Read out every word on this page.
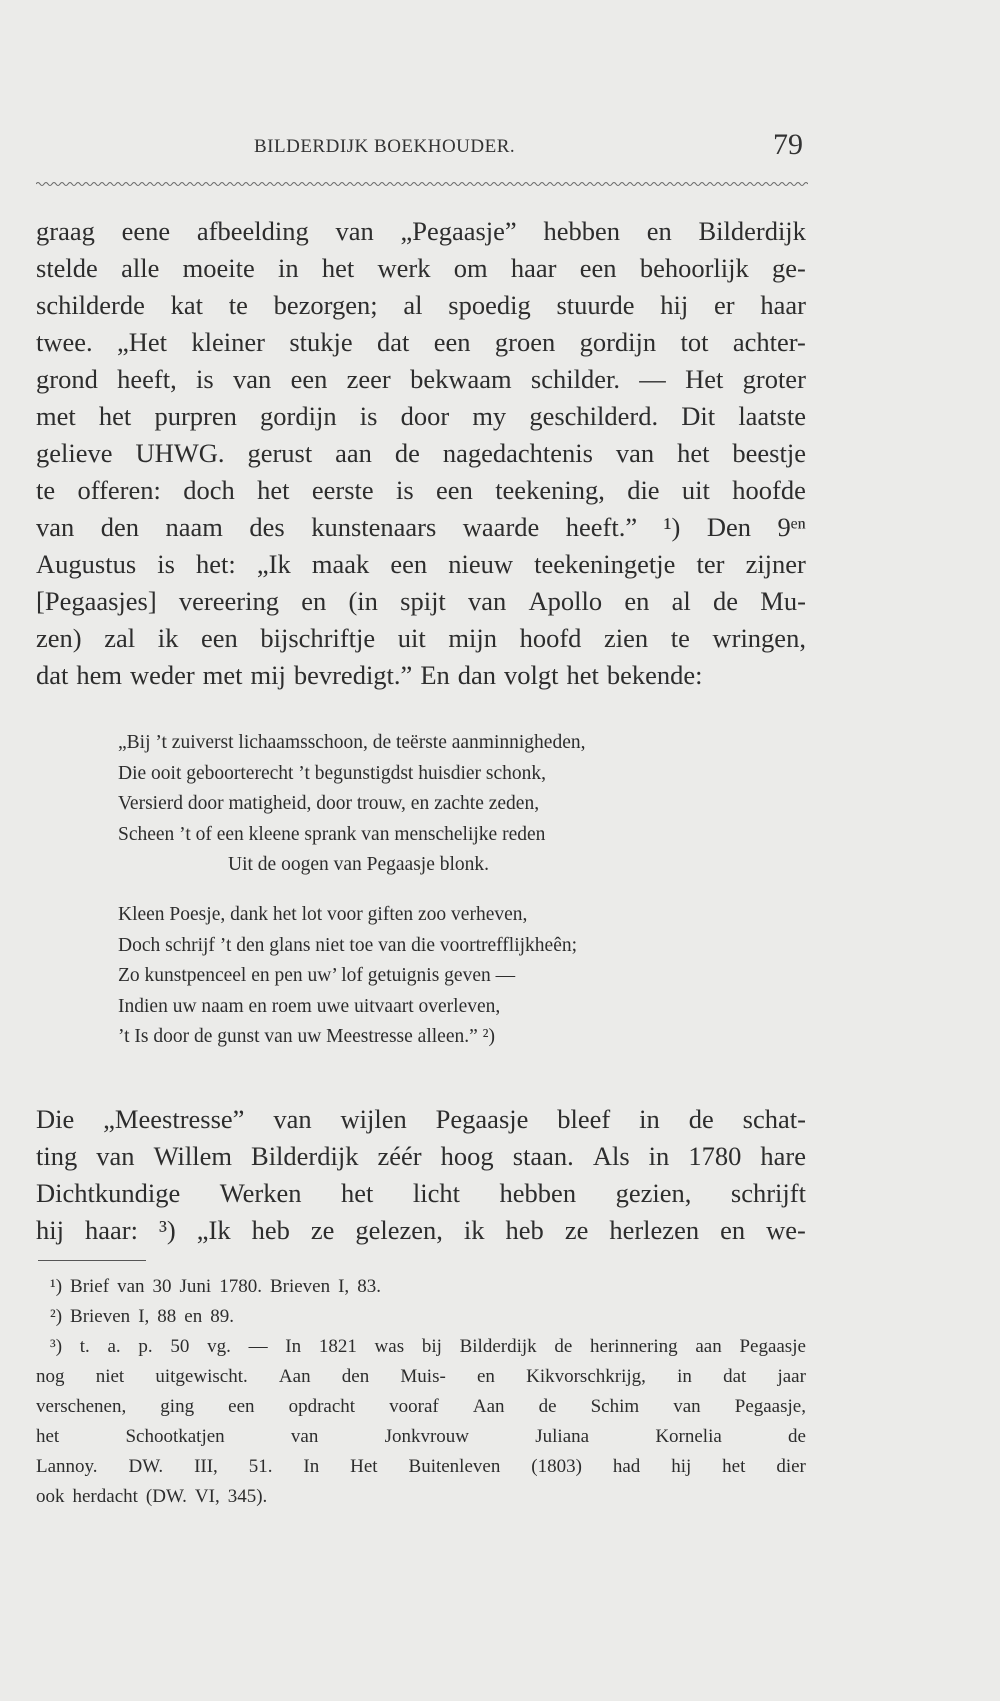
BILDERDIJK BOEKHOUDER.	79
graag eene afbeelding van „Pegaasje” hebben en Bilderdijk
stelde alle moeite in het werk om haar een behoorlijk ge-
schilderde kat te bezorgen; al spoedig stuurde hij er haar
twee. „Het kleiner stukje dat een groen gordijn tot achter-
grond heeft, is van een zeer bekwaam schilder. — Het groter
met het purpren gordijn is door my geschilderd. Dit laatste
gelieve UHWG. gerust aan de nagedachtenis van het beestje
te offeren: doch het eerste is een teekening, die uit hoofde
van den naam des kunstenaars waarde heeft.” ¹) Den 9ᵉⁿ
Augustus is het: „Ik maak een nieuw teekeningetje ter zijner
[Pegaasjes] vereering en (in spijt van Apollo en al de Mu-
zen) zal ik een bijschriftje uit mijn hoofd zien te wringen,
dat hem weder met mij bevredigt.” En dan volgt het bekende:
¹) Brief van 30 Juni 1780. Brieven I, 83.
²) Brieven I, 88 en 89.
³) t. a. p. 50 vg. — In 1821 was bij Bilderdijk de herinnering aan Pegaasje
nog niet uitgewischt. Aan den Muis- en Kikvorschkrijg, in dat jaar
verschenen, ging een opdracht vooraf Aan de Schim van Pegaasje,
het	Schootkatjen	van	Jonkvrouw	Juliana	Kornelia	de
Lannoy. DW. III, 51. In Het Buitenleven (1803) had hij het dier
ook herdacht (DW. VI, 345).
„Bij ’t zuiverst lichaamsschoon, de teërste aanminnigheden,
Die ooit geboorterecht ’t begunstigdst huisdier schonk,
Versierd door matigheid, door trouw, en zachte zeden,
Scheen ’t of een kleene sprank van menschelijke reden
Uit de oogen van Pegaasje blonk.
Kleen Poesje, dank het lot voor giften zoo verheven,
Doch schrijf ’t den glans niet toe van die voortrefflijkheên;
Zo kunstpenceel en pen uw’ lof getuignis geven —
Indien uw naam en roem uwe uitvaart overleven,
’t Is door de gunst van uw Meestresse alleen.” ²)
Die „Meestresse” van wijlen Pegaasje bleef in de schat-
ting van Willem Bilderdijk zéér hoog staan. Als in 1780 hare
Dichtkundige Werken het licht hebben gezien, schrijft
hij haar: ³) „Ik heb ze gelezen, ik heb ze herlezen en we-
